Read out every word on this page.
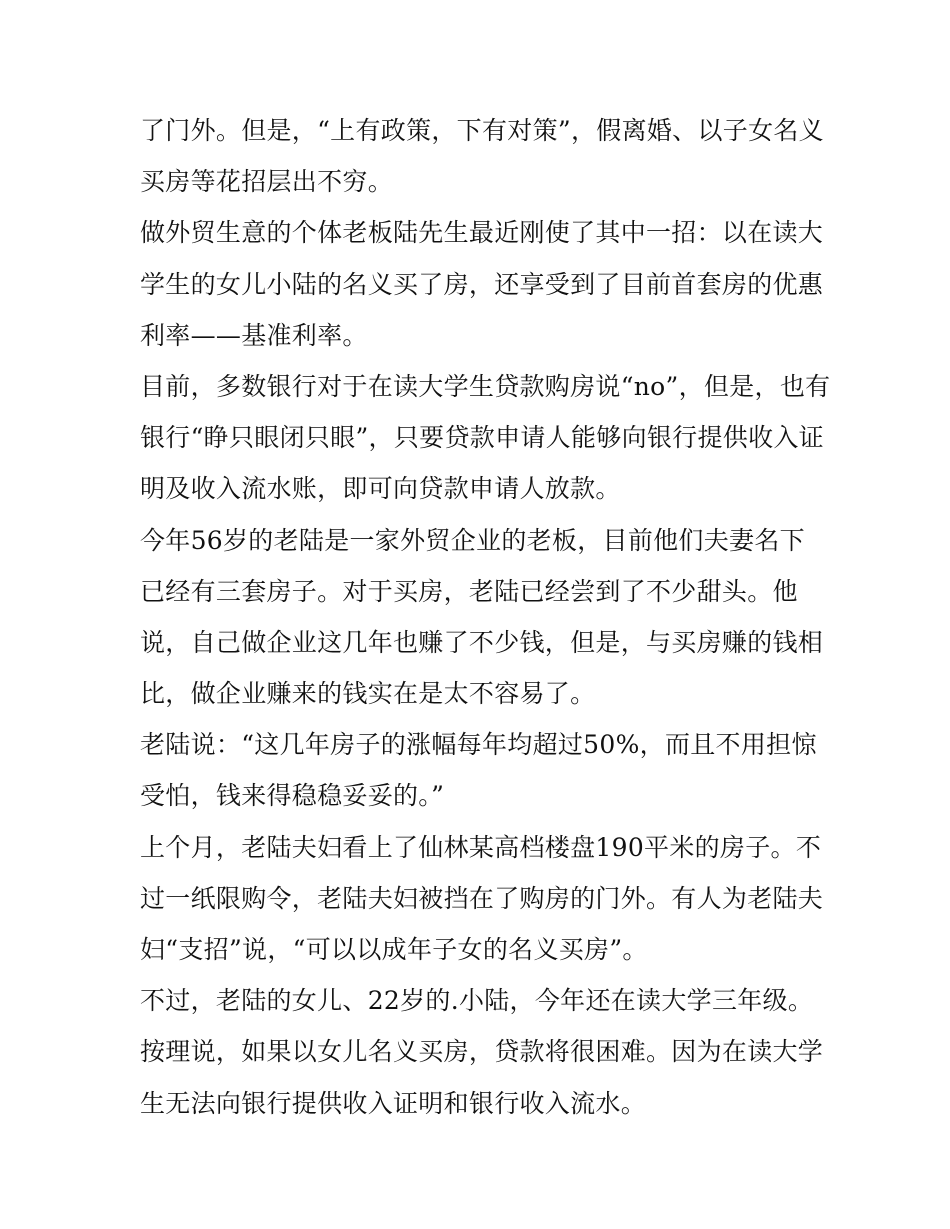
了门外。但是，“上有政策，下有对策”，假离婚、以子女名义
买房等花招层出不穷。
做外贸生意的个体老板陆先生最近刚使了其中一招：以在读大
学生的女儿小陆的名义买了房，还享受到了目前首套房的优惠
利率——基准利率。
目前，多数银行对于在读大学生贷款购房说“no”，但是，也有
银行“睁只眼闭只眼”，只要贷款申请人能够向银行提供收入证
明及收入流水账，即可向贷款申请人放款。
今年56岁的老陆是一家外贸企业的老板，目前他们夫妻名下
已经有三套房子。对于买房，老陆已经尝到了不少甜头。他
说，自己做企业这几年也赚了不少钱，但是，与买房赚的钱相
比，做企业赚来的钱实在是太不容易了。
老陆说：“这几年房子的涨幅每年均超过50%，而且不用担惊
受怕，钱来得稳稳妥妥的。”
上个月，老陆夫妇看上了仙林某高档楼盘190平米的房子。不
过一纸限购令，老陆夫妇被挡在了购房的门外。有人为老陆夫
妇“支招”说，“可以以成年子女的名义买房”。
不过，老陆的女儿、22岁的.小陆，今年还在读大学三年级。
按理说，如果以女儿名义买房，贷款将很困难。因为在读大学
生无法向银行提供收入证明和银行收入流水。
